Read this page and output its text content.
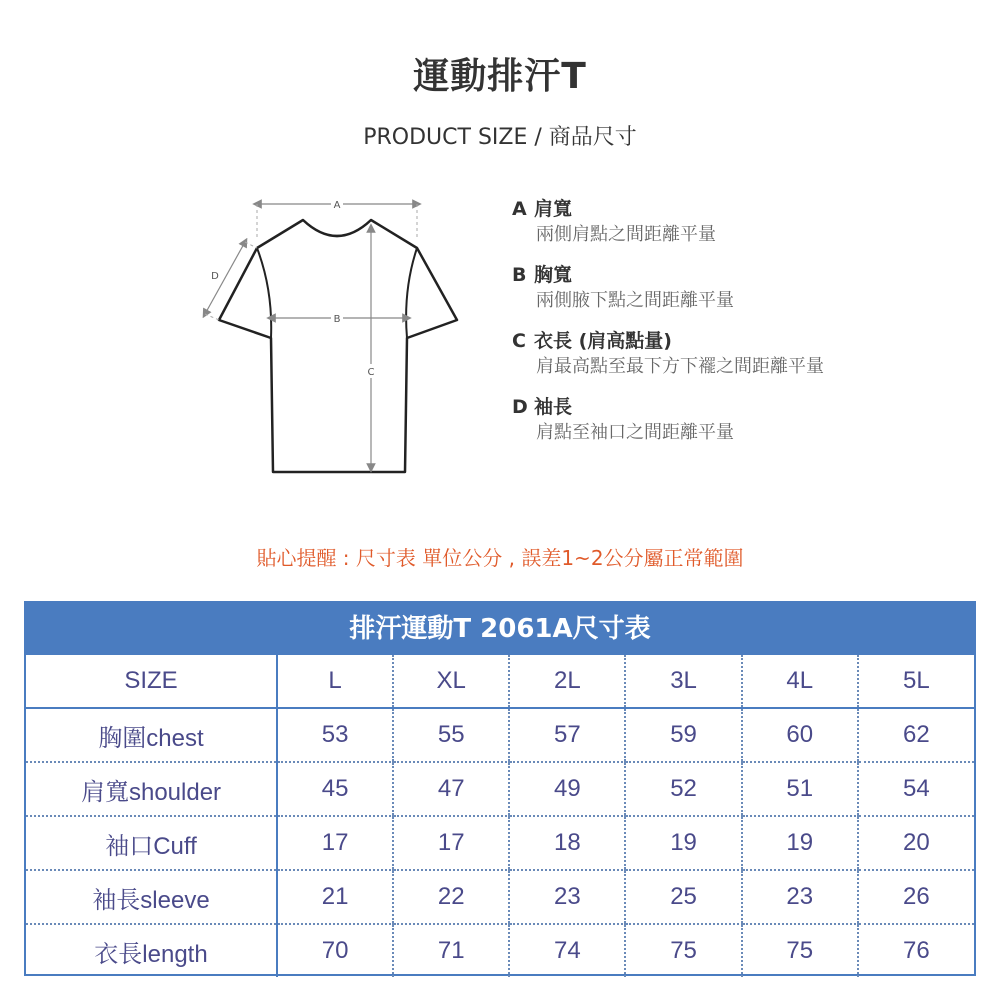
運動排汗T
PRODUCT SIZE / 商品尺寸
A
B
C
D
A 肩寬
兩側肩點之間距離平量
B 胸寬
兩側腋下點之間距離平量
C 衣長 (肩高點量)
肩最高點至最下方下襬之間距離平量
D 袖長
肩點至袖口之間距離平量
貼心提醒 : 尺寸表 單位公分 , 誤差1~2公分屬正常範圍
排汗運動T 2061A尺寸表
SIZE	L	XL	2L	3L	4L	5L
胸圍chest	53	55	57	59	60	62
肩寬shoulder	45	47	49	52	51	54
袖口Cuff	17	17	18	19	19	20
袖長sleeve	21	22	23	25	23	26
衣長length	70	71	74	75	75	76
